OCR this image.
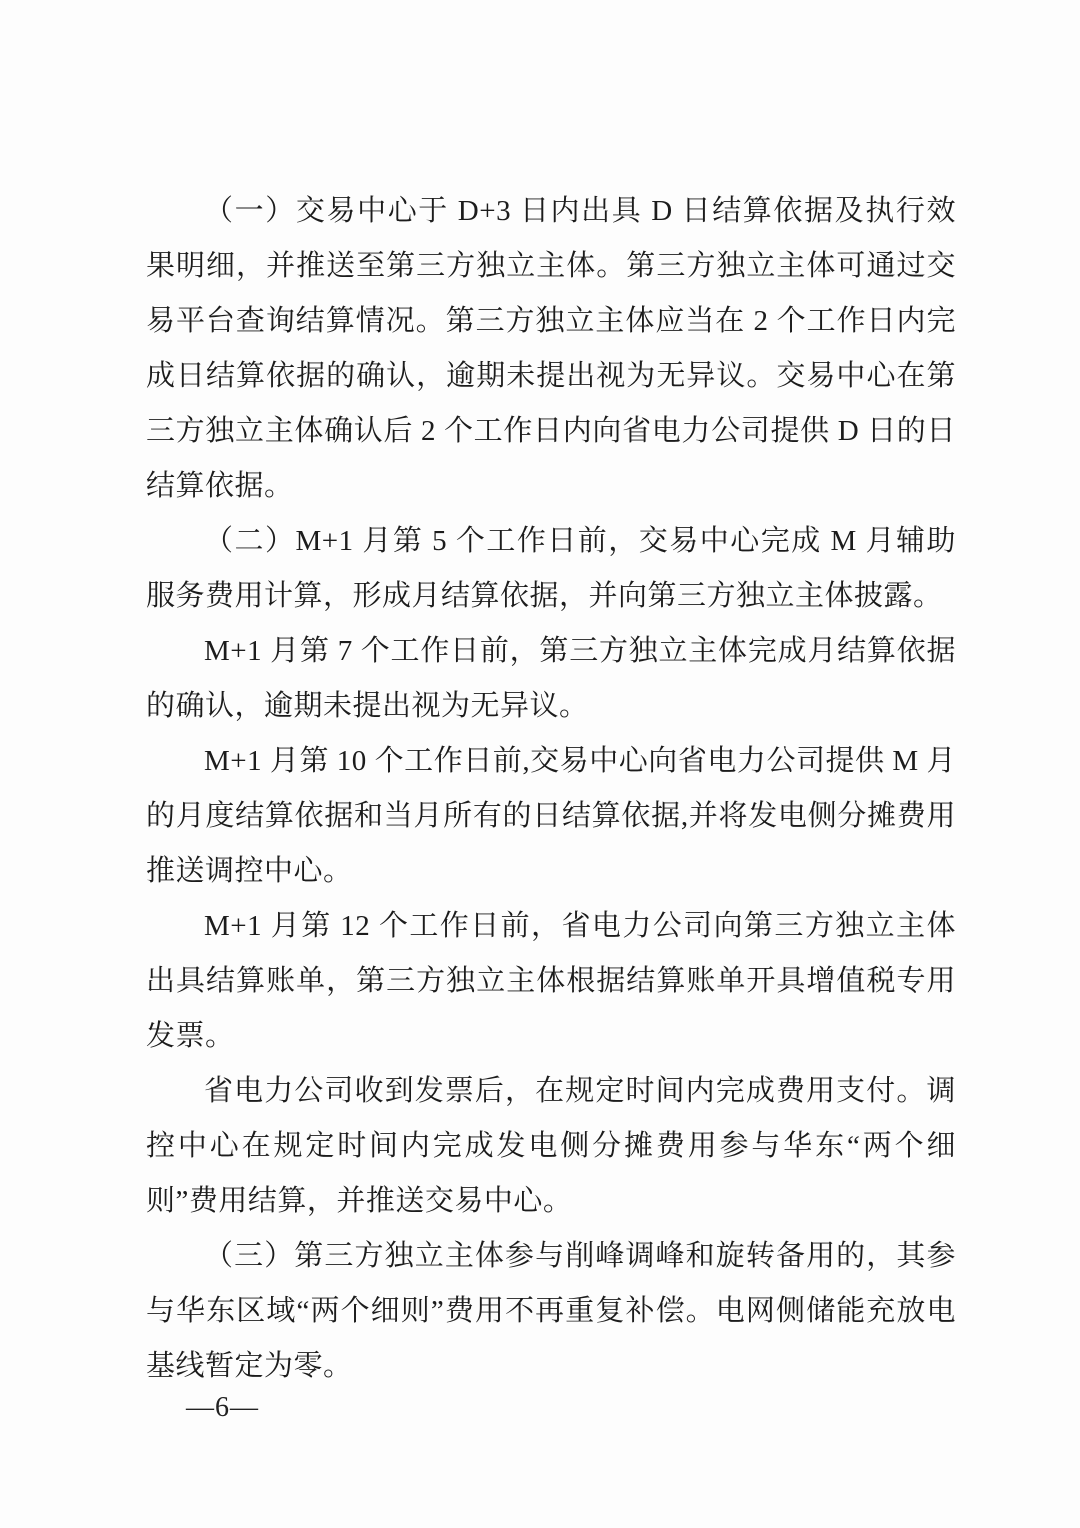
（一）交易中心于 D+3 日内出具 D 日结算依据及执行效果明细，并推送至第三方独立主体。第三方独立主体可通过交易平台查询结算情况。第三方独立主体应当在 2 个工作日内完成日结算依据的确认，逾期未提出视为无异议。交易中心在第三方独立主体确认后 2 个工作日内向省电力公司提供 D 日的日结算依据。

（二）M+1 月第 5 个工作日前，交易中心完成 M 月辅助服务费用计算，形成月结算依据，并向第三方独立主体披露。

M+1 月第 7 个工作日前，第三方独立主体完成月结算依据的确认，逾期未提出视为无异议。

M+1 月第 10 个工作日前,交易中心向省电力公司提供 M 月的月度结算依据和当月所有的日结算依据,并将发电侧分摊费用推送调控中心。

M+1 月第 12 个工作日前，省电力公司向第三方独立主体出具结算账单，第三方独立主体根据结算账单开具增值税专用发票。

省电力公司收到发票后，在规定时间内完成费用支付。调控中心在规定时间内完成发电侧分摊费用参与华东“两个细则”费用结算，并推送交易中心。

（三）第三方独立主体参与削峰调峰和旋转备用的，其参与华东区域“两个细则”费用不再重复补偿。电网侧储能充放电基线暂定为零。

—6—
